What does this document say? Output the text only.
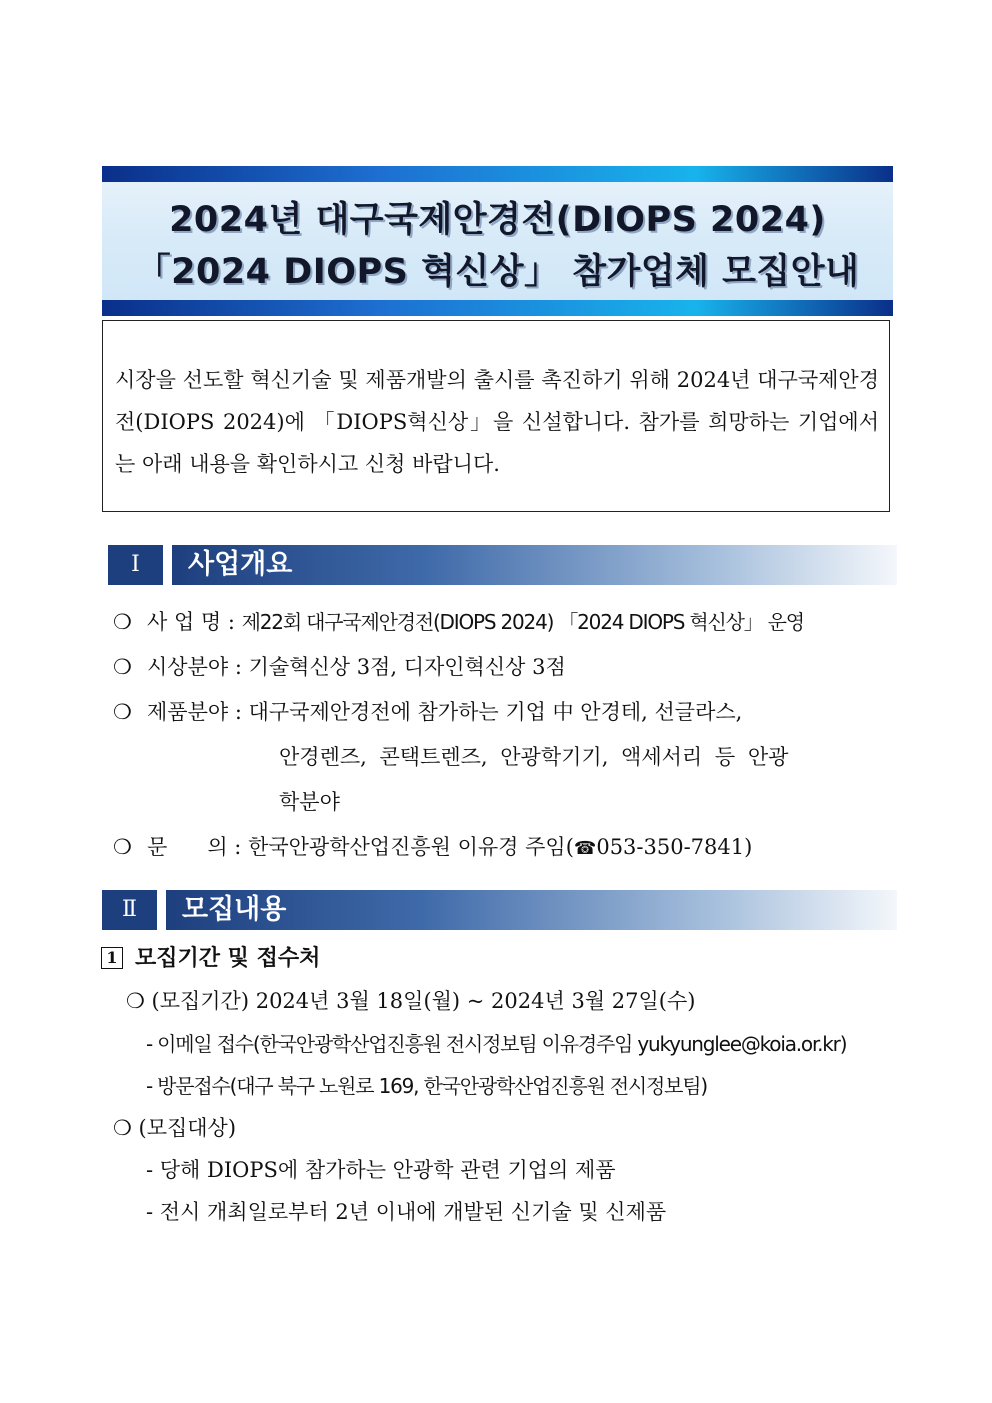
2024년 대구국제안경전(DIOPS 2024)
「2024 DIOPS 혁신상」 참가업체 모집안내

시장을 선도할 혁신기술 및 제품개발의 출시를 촉진하기 위해 2024년 대구국제안경전(DIOPS 2024)에 「DIOPS혁신상」을 신설합니다. 참가를 희망하는 기업에서는 아래 내용을 확인하시고 신청 바랍니다.

Ⅰ	사업개요
❍ 사 업 명 : 제22회 대구국제안경전(DIOPS 2024) 「2024 DIOPS 혁신상」 운영
❍ 시상분야 : 기술혁신상 3점, 디자인혁신상 3점
❍ 제품분야 : 대구국제안경전에 참가하는 기업 中 안경테, 선글라스,
안경렌즈, 콘택트렌즈, 안광학기기, 액세서리 등 안광
학분야
❍ 문      의 : 한국안광학산업진흥원 이유경 주임(☎053-350-7841)
Ⅱ	모집내용
1 모집기간 및 접수처
❍ (모집기간) 2024년 3월 18일(월) ~ 2024년 3월 27일(수)
- 이메일 접수(한국안광학산업진흥원 전시정보팀 이유경주임 yukyunglee@koia.or.kr)
- 방문접수(대구 북구 노원로 169, 한국안광학산업진흥원 전시정보팀)
❍ (모집대상)
- 당해 DIOPS에 참가하는 안광학 관련 기업의 제품
- 전시 개최일로부터 2년 이내에 개발된 신기술 및 신제품
